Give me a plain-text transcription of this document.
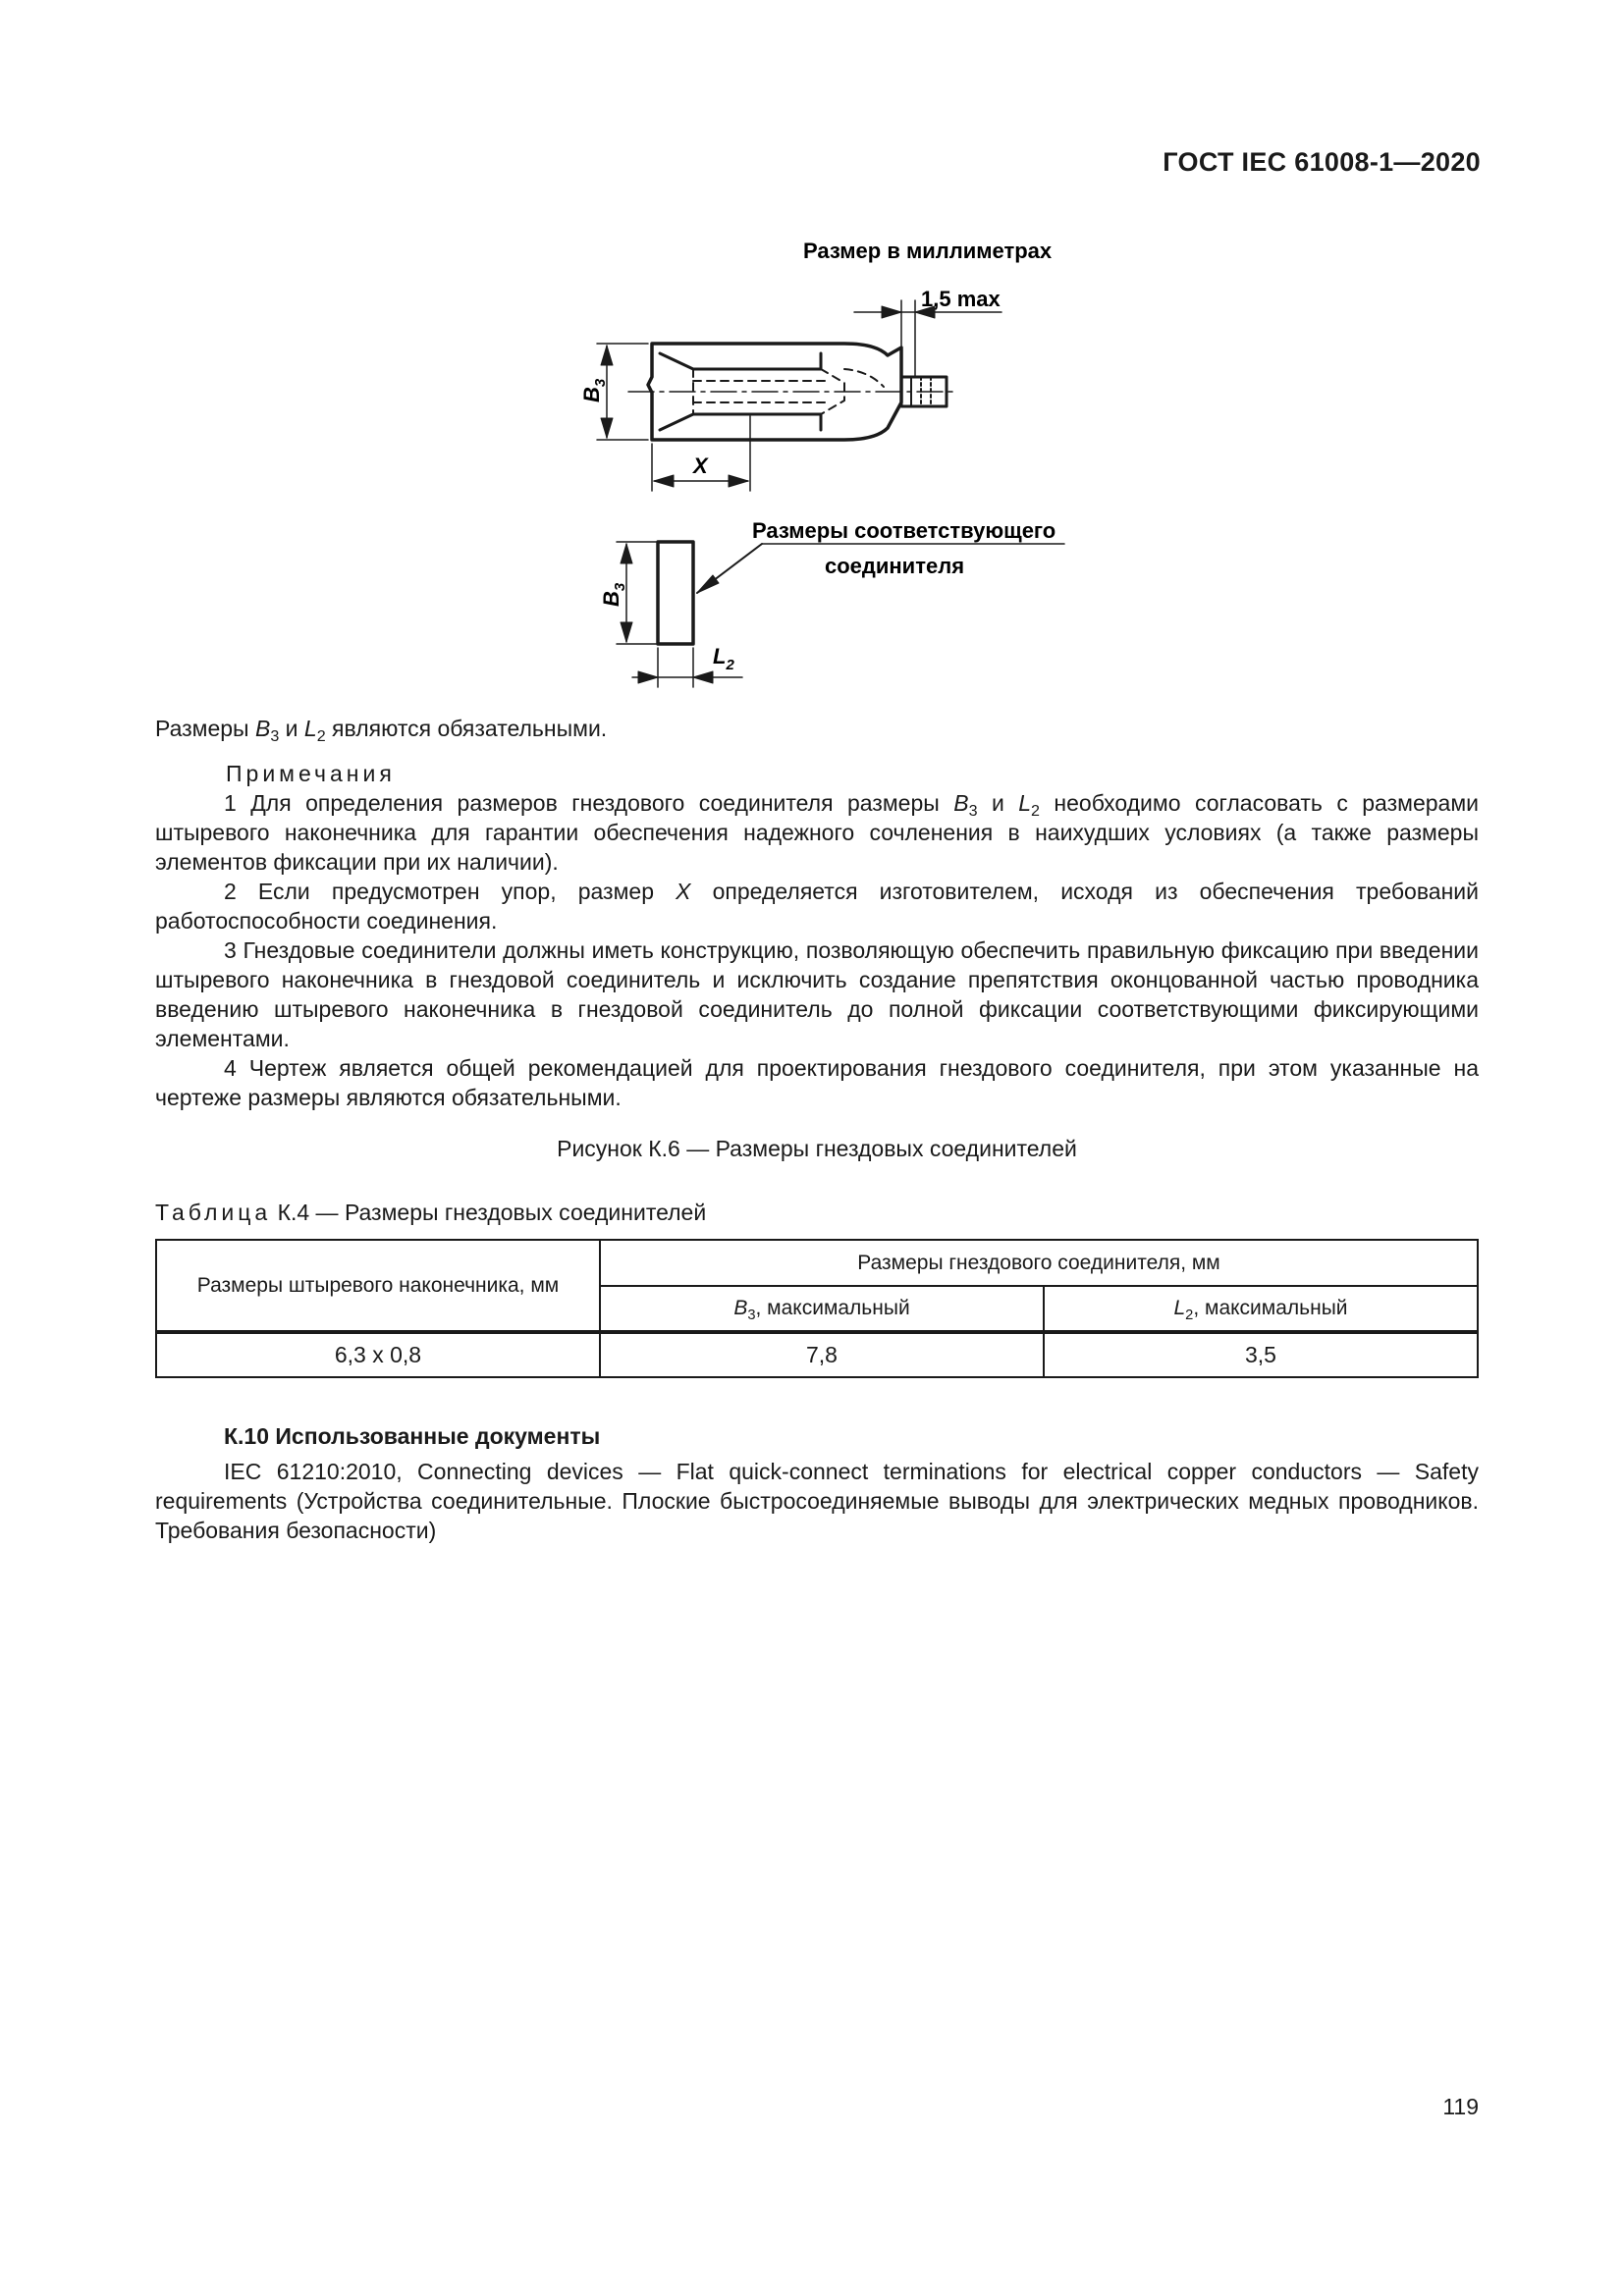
ГОСТ IEC 61008-1—2020
Размер в миллиметрах
1,5 max
$B_3$
X
Размеры соответствующего
соединителя
$B_3$
$L_2$
Размеры $B_3$ и $L_2$ являются обязательными.
Примечания
1 Для определения размеров гнездового соединителя размеры $B_3$ и $L_2$ необходимо согласовать с размерами штыревого наконечника для гарантии обеспечения надежного сочленения в наихудших условиях (а также размеры элементов фиксации при их наличии).
2 Если предусмотрен упор, размер X определяется изготовителем, исходя из обеспечения требований работоспособности соединения.
3 Гнездовые соединители должны иметь конструкцию, позволяющую обеспечить правильную фиксацию при введении штыревого наконечника в гнездовой соединитель и исключить создание препятствия оконцованной частью проводника введению штыревого наконечника в гнездовой соединитель до полной фиксации соответствующими фиксирующими элементами.
4 Чертеж является общей рекомендацией для проектирования гнездового соединителя, при этом указанные на чертеже размеры являются обязательными.
Рисунок К.6 — Размеры гнездовых соединителей
Таблица К.4 — Размеры гнездовых соединителей
Размеры штыревого наконечника, мм	Размеры гнездового соединителя, мм	
	$B_3$, максимальный	$L_2$, максимальный
6,3 x 0,8	7,8	3,5
К.10 Использованные документы
IEC 61210:2010, Connecting devices — Flat quick-connect terminations for electrical copper conductors — Safety requirements (Устройства соединительные. Плоские быстросоединяемые выводы для электрических медных проводников. Требования безопасности)
119
